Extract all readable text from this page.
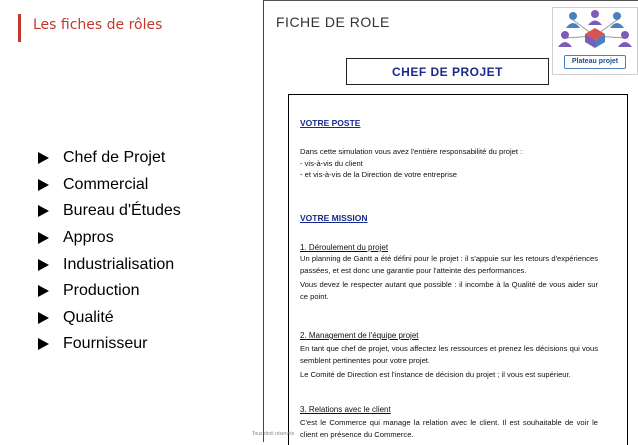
Les fiches de rôles
Chef de Projet
Commercial
Bureau d'Études
Appros
Industrialisation
Production
Qualité
Fournisseur
FICHE DE ROLE
CHEF DE PROJET
Plateau projet
VOTRE POSTE

Dans cette simulation vous avez l'entière responsabilité du projet :

- vis-à-vis du client

- et vis-à-vis de la Direction de votre entreprise

VOTRE MISSION
1. Déroulement du projet

Un planning de Gantt a été défini pour le projet : il s'appuie sur les retours d'expériences passées, et est donc une garantie pour l'atteinte des performances.

Vous devez le respecter autant que possible : il incombe à la Qualité de vous aider sur ce point.

2. Management de l'équipe projet

En tant que chef de projet, vous affectez les ressources et prenez les décisions qui vous semblent pertinentes pour votre projet.

Le Comité de Direction est l'instance de décision du projet ; il vous est supérieur.

3. Relations avec le client

C'est le Commerce qui manage la relation avec le client. Il est souhaitable de voir le client en présence du Commerce.

Tous droit réservés
